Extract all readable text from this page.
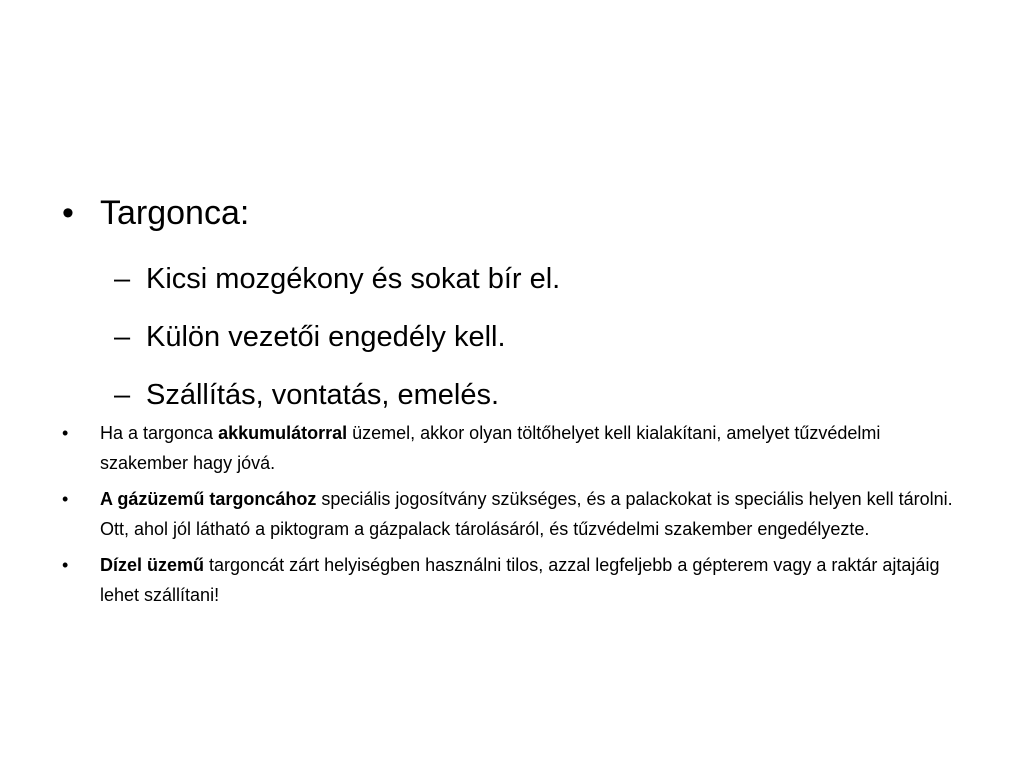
• Targonca:
– Kicsi mozgékony és sokat bír el.
– Külön vezetői engedély kell.
– Szállítás, vontatás, emelés.
• Ha a targonca akkumulátorral üzemel, akkor olyan töltőhelyet kell kialakítani, amelyet tűzvédelmi szakember hagy jóvá.
• A gázüzemű targoncához speciális jogosítvány szükséges, és a palackokat is speciális helyen kell tárolni. Ott, ahol jól látható a piktogram a gázpalack tárolásáról, és tűzvédelmi szakember engedélyezte.
• Dízel üzemű targoncát zárt helyiségben használni tilos, azzal legfeljebb a gépterem vagy a raktár ajtajáig lehet szállítani!
